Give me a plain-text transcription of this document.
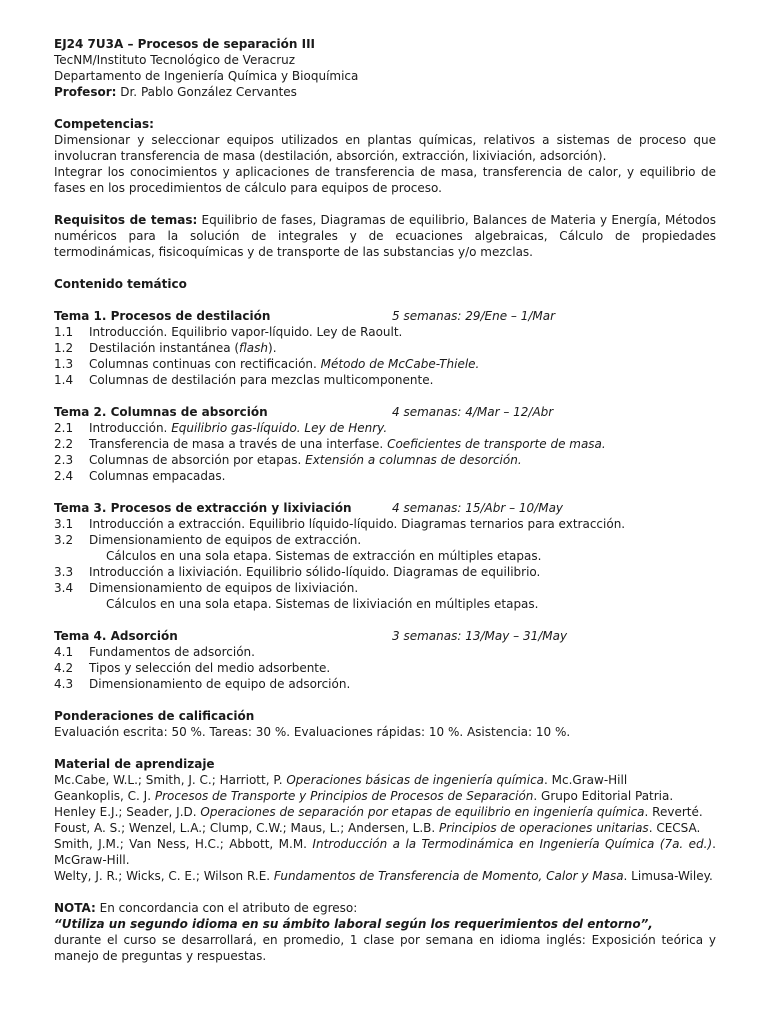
EJ24 7U3A – Procesos de separación III

TecNM/Instituto Tecnológico de Veracruz

Departamento de Ingeniería Química y Bioquímica

Profesor: Dr. Pablo González Cervantes

Competencias:

Dimensionar y seleccionar equipos utilizados en plantas químicas, relativos a sistemas de proceso que involucran transferencia de masa (destilación, absorción, extracción, lixiviación, adsorción).

Integrar los conocimientos y aplicaciones de transferencia de masa, transferencia de calor, y equilibrio de fases en los procedimientos de cálculo para equipos de proceso.

Requisitos de temas: Equilibrio de fases, Diagramas de equilibrio, Balances de Materia y Energía, Métodos numéricos para la solución de integrales y de ecuaciones algebraicas, Cálculo de propiedades termodinámicas, fisicoquímicas y de transporte de las substancias y/o mezclas.

Contenido temático

Tema 1. Procesos de destilación	5 semanas: 29/Ene – 1/Mar
1.1 Introducción. Equilibrio vapor-líquido. Ley de Raoult.
1.2 Destilación instantánea (flash).
1.3 Columnas continuas con rectificación. Método de McCabe-Thiele.
1.4 Columnas de destilación para mezclas multicomponente.
Tema 2. Columnas de absorción	4 semanas: 4/Mar – 12/Abr
2.1 Introducción. Equilibrio gas-líquido. Ley de Henry.
2.2 Transferencia de masa a través de una interfase. Coeficientes de transporte de masa.
2.3 Columnas de absorción por etapas. Extensión a columnas de desorción.
2.4 Columnas empacadas.
Tema 3. Procesos de extracción y lixiviación	4 semanas: 15/Abr – 10/May
3.1 Introducción a extracción. Equilibrio líquido-líquido. Diagramas ternarios para extracción.
3.2 Dimensionamiento de equipos de extracción.
Cálculos en una sola etapa. Sistemas de extracción en múltiples etapas.
3.3 Introducción a lixiviación. Equilibrio sólido-líquido. Diagramas de equilibrio.
3.4 Dimensionamiento de equipos de lixiviación.
Cálculos en una sola etapa. Sistemas de lixiviación en múltiples etapas.
Tema 4. Adsorción	3 semanas: 13/May – 31/May
4.1 Fundamentos de adsorción.
4.2 Tipos y selección del medio adsorbente.
4.3 Dimensionamiento de equipo de adsorción.

Ponderaciones de calificación

Evaluación escrita: 50 %. Tareas: 30 %. Evaluaciones rápidas: 10 %. Asistencia: 10 %.

Material de aprendizaje

Mc.Cabe, W.L.; Smith, J. C.; Harriott, P. Operaciones básicas de ingeniería química. Mc.Graw-Hill

Geankoplis, C. J. Procesos de Transporte y Principios de Procesos de Separación. Grupo Editorial Patria.

Henley E.J.; Seader, J.D. Operaciones de separación por etapas de equilibrio en ingeniería química. Reverté.

Foust, A. S.; Wenzel, L.A.; Clump, C.W.; Maus, L.; Andersen, L.B. Principios de operaciones unitarias. CECSA.

Smith, J.M.; Van Ness, H.C.; Abbott, M.M. Introducción a la Termodinámica en Ingeniería Química (7a. ed.). McGraw-Hill.

Welty, J. R.; Wicks, C. E.; Wilson R.E. Fundamentos de Transferencia de Momento, Calor y Masa. Limusa-Wiley.

NOTA: En concordancia con el atributo de egreso:

“Utiliza un segundo idioma en su ámbito laboral según los requerimientos del entorno”,

durante el curso se desarrollará, en promedio, 1 clase por semana en idioma inglés: Exposición teórica y manejo de preguntas y respuestas.
